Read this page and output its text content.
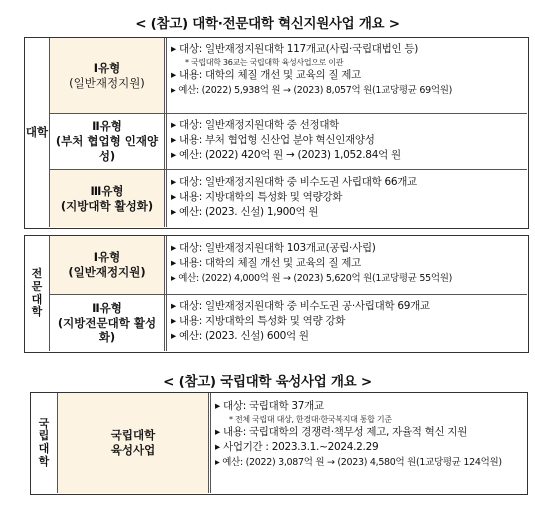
< (참고) 대학·전문대학 혁신지원사업 개요 >
대학
Ⅰ유형
(일반재정지원)
▸ 대상: 일반재정지원대학 117개교(사립·국립대법인 등)
* 국립대학 36교는 국립대학 육성사업으로 이관
▸ 내용: 대학의 체질 개선 및 교육의 질 제고
▸ 예산: (2022) 5,938억 원 → (2023) 8,057억 원(1교당평균 69억원)
Ⅱ유형
(부처 협업형 인재양성)
▸ 대상: 일반재정지원대학 중 선정대학
▸ 내용: 부처 협업형 신산업 분야 혁신인재양성
▸ 예산: (2022) 420억 원 → (2023) 1,052.84억 원
Ⅲ유형
(지방대학 활성화)
▸ 대상: 일반재정지원대학 중 비수도권 사립대학 66개교
▸ 내용: 지방대학의 특성화 및 역량강화
▸ 예산: (2023. 신설) 1,900억 원
전문대학
Ⅰ유형
(일반재정지원)
▸ 대상: 일반재정지원대학 103개교(공립·사립)
▸ 내용: 대학의 체질 개선 및 교육의 질 제고
▸ 예산: (2022) 4,000억 원 → (2023) 5,620억 원(1교당평균 55억원)
Ⅱ유형
(지방전문대학 활성화)
▸ 대상: 일반재정지원대학 중 비수도권 공·사립대학 69개교
▸ 내용: 지방대학의 특성화 및 역량 강화
▸ 예산: (2023. 신설) 600억 원
< (참고) 국립대학 육성사업 개요 >
국립대학
국립대학
육성사업
▸ 대상: 국립대학 37개교
* 전체 국립대 대상, 한경대·한국복지대 통합 기준
▸ 내용: 국립대학의 경쟁력·책무성 제고, 자율적 혁신 지원
▸ 사업기간 : 2023.3.1.~2024.2.29
▸ 예산: (2022) 3,087억 원 → (2023) 4,580억 원(1교당평균 124억원)
